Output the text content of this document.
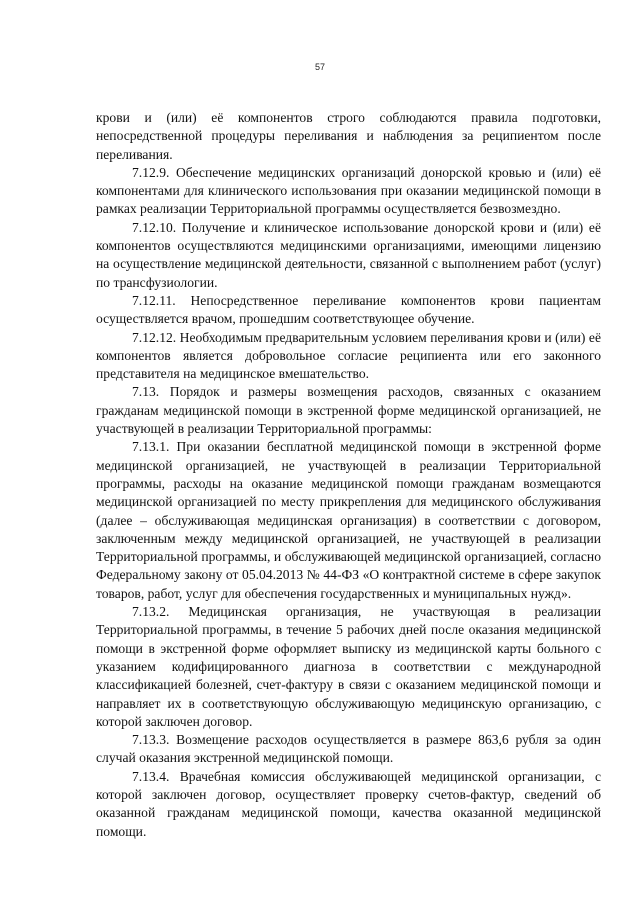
57

крови и (или) её компонентов строго соблюдаются правила подготовки, непосредственной процедуры переливания и наблюдения за реципиентом после переливания.

7.12.9. Обеспечение медицинских организаций донорской кровью и (или) её компонентами для клинического использования при оказании медицинской помощи в рамках реализации Территориальной программы осуществляется безвозмездно.

7.12.10. Получение и клиническое использование донорской крови и (или) её компонентов осуществляются медицинскими организациями, имеющими лицензию на осуществление медицинской деятельности, связанной с выполнением работ (услуг) по трансфузиологии.

7.12.11. Непосредственное переливание компонентов крови пациентам осуществляется врачом, прошедшим соответствующее обучение.

7.12.12. Необходимым предварительным условием переливания крови и (или) её компонентов является добровольное согласие реципиента или его законного представителя на медицинское вмешательство.

7.13. Порядок и размеры возмещения расходов, связанных с оказанием гражданам медицинской помощи в экстренной форме медицинской организацией, не участвующей в реализации Территориальной программы:

7.13.1. При оказании бесплатной медицинской помощи в экстренной форме медицинской организацией, не участвующей в реализации Территориальной программы, расходы на оказание медицинской помощи гражданам возмещаются медицинской организацией по месту прикрепления для медицинского обслуживания (далее – обслуживающая медицинская организация) в соответствии с договором, заключенным между медицинской организацией, не участвующей в реализации Территориальной программы, и обслуживающей медицинской организацией, согласно Федеральному закону от 05.04.2013 № 44-ФЗ «О контрактной системе в сфере закупок товаров, работ, услуг для обеспечения государственных и муниципальных нужд».

7.13.2. Медицинская организация, не участвующая в реализации Территориальной программы, в течение 5 рабочих дней после оказания медицинской помощи в экстренной форме оформляет выписку из медицинской карты больного с указанием кодифицированного диагноза в соответствии с международной классификацией болезней, счет-фактуру в связи с оказанием медицинской помощи и направляет их в соответствующую обслуживающую медицинскую организацию, с которой заключен договор.

7.13.3. Возмещение расходов осуществляется в размере 863,6 рубля за один случай оказания экстренной медицинской помощи.

7.13.4. Врачебная комиссия обслуживающей медицинской организации, с которой заключен договор, осуществляет проверку счетов-фактур, сведений об оказанной гражданам медицинской помощи, качества оказанной медицинской помощи.
